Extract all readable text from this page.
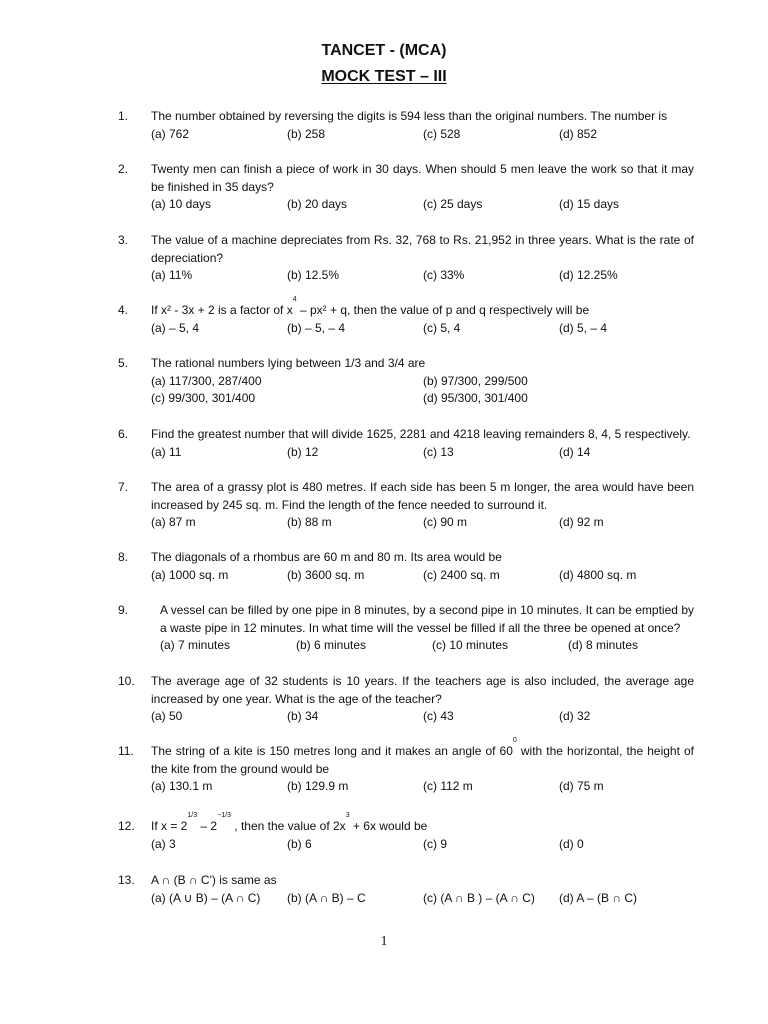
TANCET - (MCA)
MOCK TEST – III
1. The number obtained by reversing the digits is 594 less than the original numbers. The number is
(a) 762	(b) 258	(c) 528	(d) 852
2. Twenty men can finish a piece of work in 30 days. When should 5 men leave the work so that it may be finished in 35 days?
(a) 10 days	(b) 20 days	(c) 25 days	(d) 15 days
3. The value of a machine depreciates from Rs. 32, 768 to Rs. 21,952 in three years. What is the rate of depreciation?
(a) 11%	(b) 12.5%	(c) 33%	(d) 12.25%
4. If x² - 3x + 2 is a factor of $x^4 - px^2 + q$, then the value of p and q respectively will be
(a) – 5, 4	(b) – 5, – 4	(c) 5, 4	(d) 5, – 4
5. The rational numbers lying between 1/3 and 3/4 are
(a) 117/300, 287/400	(b) 97/300, 299/500
(c) 99/300, 301/400	(d) 95/300, 301/400
6. Find the greatest number that will divide 1625, 2281 and 4218 leaving remainders 8, 4, 5 respectively.
(a) 11	(b) 12	(c) 13	(d) 14
7. The area of a grassy plot is 480 metres. If each side has been 5 m longer, the area would have been increased by 245 sq. m. Find the length of the fence needed to surround it.
(a) 87 m	(b) 88 m	(c) 90 m	(d) 92 m
8. The diagonals of a rhombus are 60 m and 80 m. Its area would be
(a) 1000 sq. m	(b) 3600 sq. m	(c) 2400 sq. m	(d) 4800 sq. m
9.	A vessel can be filled by one pipe in 8 minutes, by a second pipe in 10 minutes. It can be emptied by a waste pipe in 12 minutes. In what time will the vessel be filled if all the three be opened at once?
(a) 7 minutes	(b) 6 minutes	(c) 10 minutes	(d) 8 minutes
10. The average age of 32 students is 10 years. If the teachers age is also included, the average age increased by one year. What is the age of the teacher?
(a) 50	(b) 34	(c) 43	(d) 32
11. The string of a kite is 150 metres long and it makes an angle of $60^0$ with the horizontal, the height of the kite from the ground would be
(a) 130.1 m	(b) 129.9 m	(c) 112 m	(d) 75 m
12. If $x = 2^{1/3} - 2^{-1/3}$ , then the value of $2x^3 + 6x$ would be
(a) 3	(b) 6	(c) 9	(d) 0
13. A ∩ (B ∩ C') is same as
(a) (A ∪ B) – (A ∩ C) (b) (A ∩ B) – C	(c) (A ∩ B ) – (A ∩ C) (d) A – (B ∩ C)
1
